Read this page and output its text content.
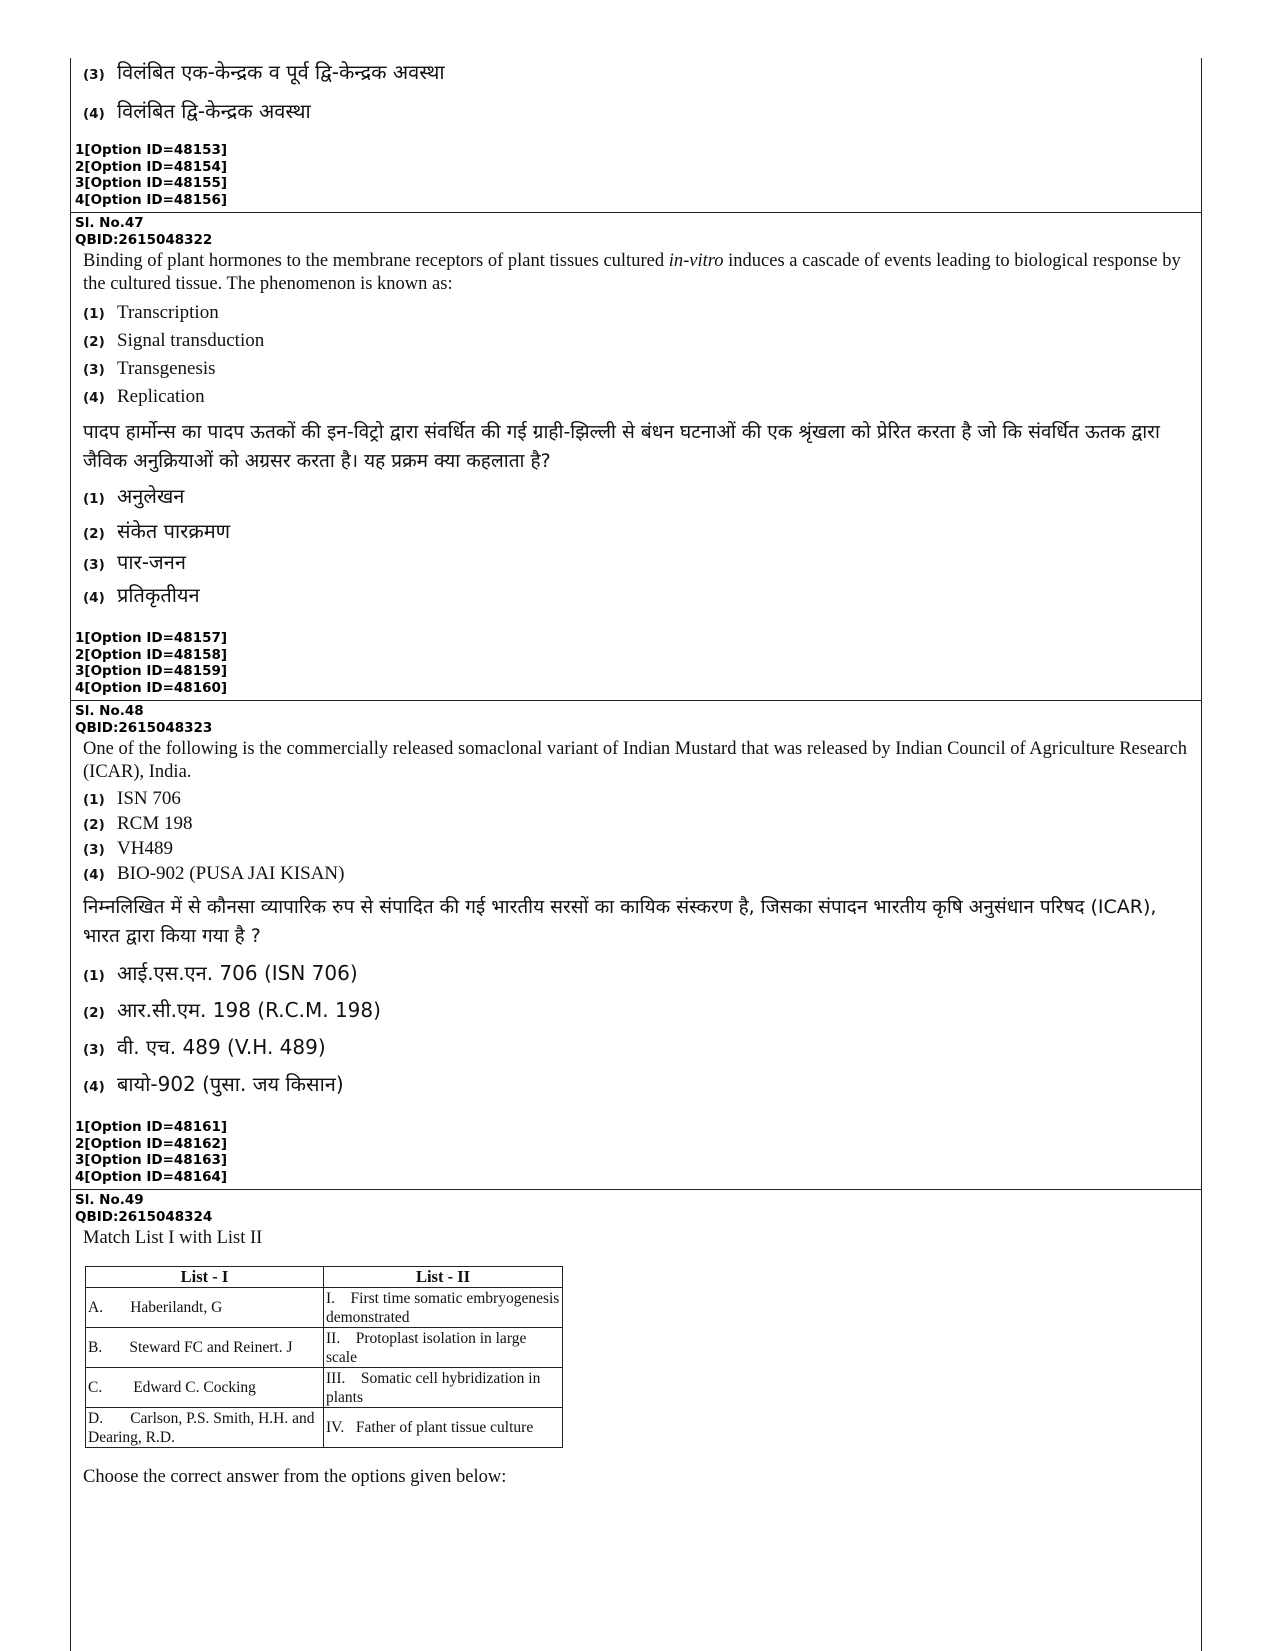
(3) विलंबित एक-केन्द्रक व पूर्व द्वि-केन्द्रक अवस्था
(4) विलंबित द्वि-केन्द्रक अवस्था
1[Option ID=48153]
2[Option ID=48154]
3[Option ID=48155]
4[Option ID=48156]
Sl. No.47
QBID:2615048322
Binding of plant hormones to the membrane receptors of plant tissues cultured in-vitro induces a cascade of events leading to biological response by the cultured tissue. The phenomenon is known as:
(1) Transcription
(2) Signal transduction
(3) Transgenesis
(4) Replication
पादप हार्मोन्स का पादप ऊतकों की इन-विट्रो द्वारा संवर्धित की गई ग्राही-झिल्ली से बंधन घटनाओं की एक श्रृंखला को प्रेरित करता है जो कि संवर्धित ऊतक द्वारा जैविक अनुक्रियाओं को अग्रसर करता है। यह प्रक्रम क्या कहलाता है?
(1) अनुलेखन
(2) संकेत पारक्रमण
(3) पार-जनन
(4) प्रतिकृतीयन
1[Option ID=48157]
2[Option ID=48158]
3[Option ID=48159]
4[Option ID=48160]
Sl. No.48
QBID:2615048323
One of the following is the commercially released somaclonal variant of Indian Mustard that was released by Indian Council of Agriculture Research (ICAR), India.
(1) ISN 706
(2) RCM 198
(3) VH489
(4) BIO-902 (PUSA JAI KISAN)
निम्नलिखित में से कौनसा व्यापारिक रुप से संपादित की गई भारतीय सरसों का कायिक संस्करण है, जिसका संपादन भारतीय कृषि अनुसंधान परिषद (ICAR), भारत द्वारा किया गया है ?
(1) आई.एस.एन. 706 (ISN 706)
(2) आर.सी.एम. 198 (R.C.M. 198)
(3) वी. एच. 489 (V.H. 489)
(4) बायो-902 (पुसा. जय किसान)
1[Option ID=48161]
2[Option ID=48162]
3[Option ID=48163]
4[Option ID=48164]
Sl. No.49
QBID:2615048324
Match List I with List II
List - I	List - II
A.       Haberilandt, G	I.    First time somatic embryogenesis demonstrated
B.       Steward FC and Reinert. J	II.    Protoplast isolation in large scale
C.        Edward C. Cocking	III.    Somatic cell hybridization in plants
D.       Carlson, P.S. Smith, H.H. and Dearing, R.D.	IV.   Father of plant tissue culture
Choose the correct answer from the options given below:
